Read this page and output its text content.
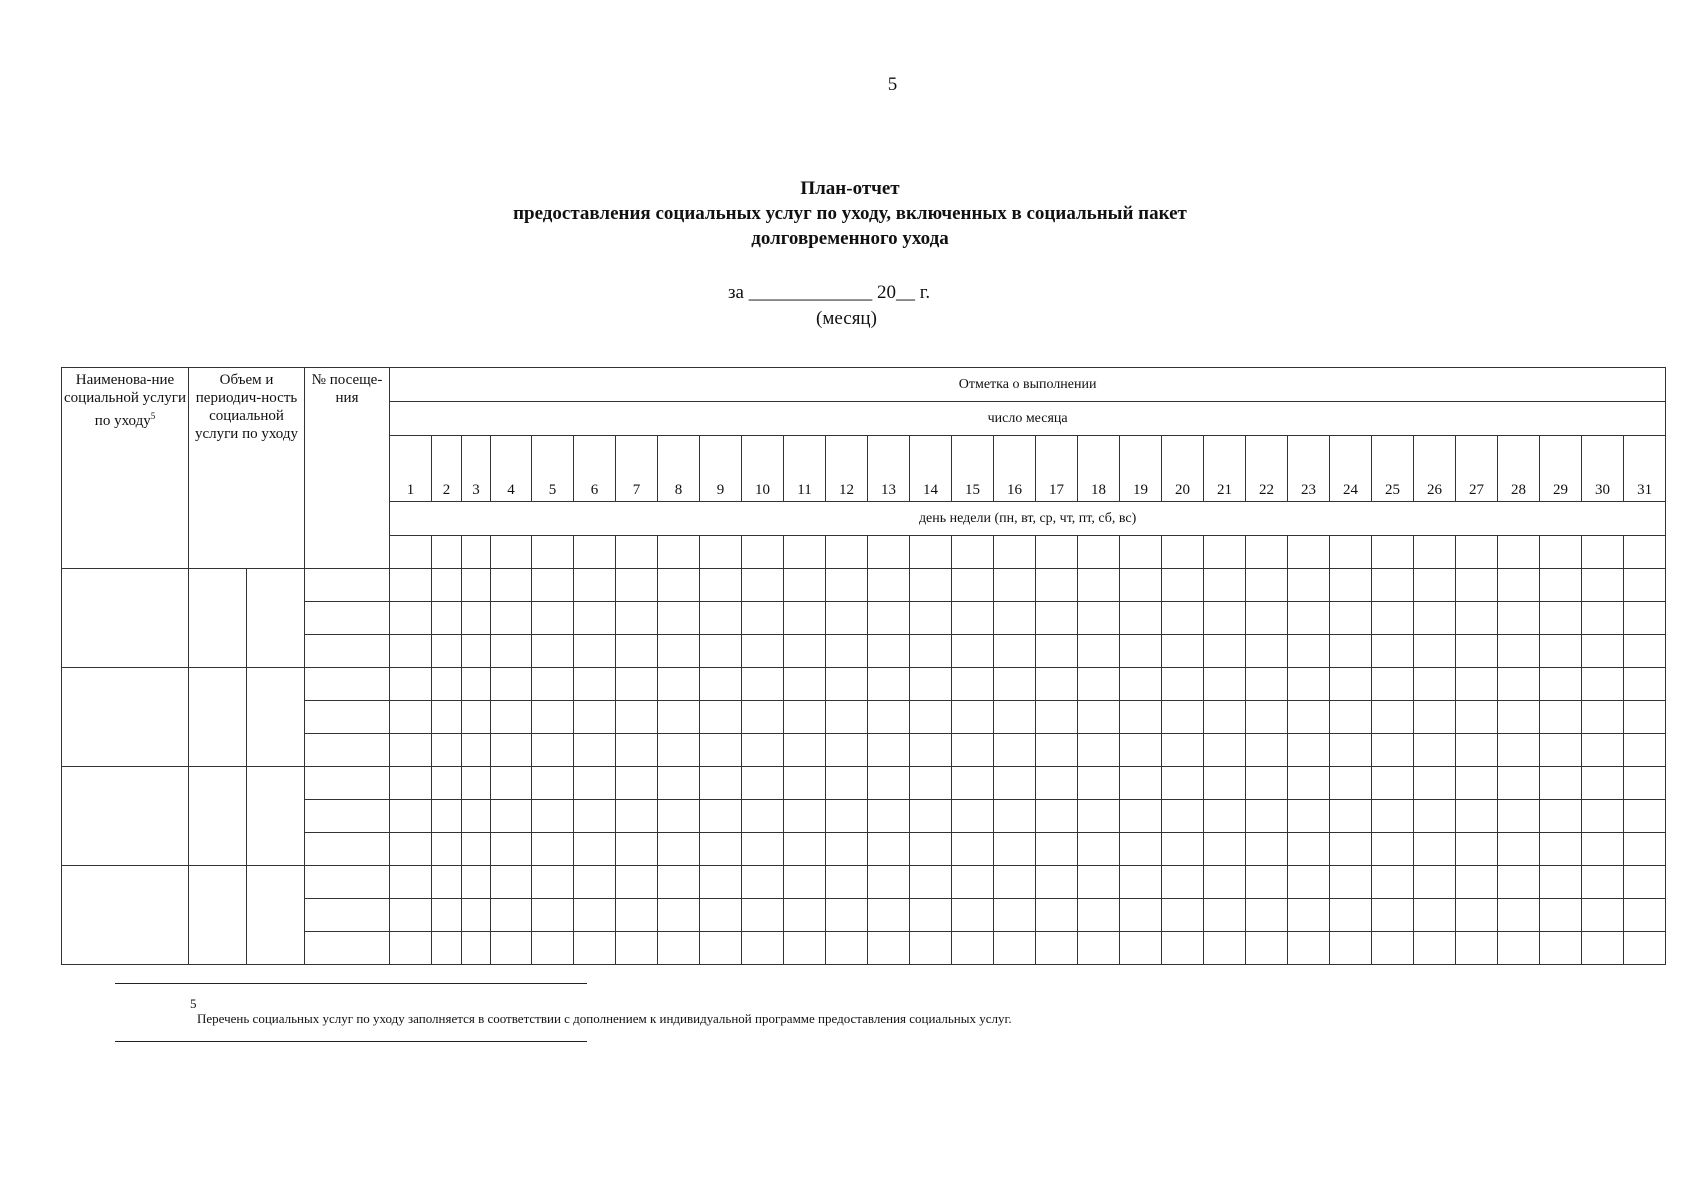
5
План-отчет
предоставления социальных услуг по уходу, включенных в социальный пакет
долговременного ухода
за _____________ 20__ г.
(месяц)
Наименова-ние социальной услуги по уходу$^5$	Объем и периодич-ность социальной услуги по уходу		№ посеще-ния	Отметка о выполнении																														
				число месяца																														
				1	2	3	4	5	6	7	8	9	10	11	12	13	14	15	16	17	18	19	20	21	22	23	24	25	26	27	28	29	30	31
				день недели (пн, вт, ср, чт, пт, сб, вс)																														

5
Перечень социальных услуг по уходу заполняется в соответствии с дополнением к индивидуальной программе предоставления социальных услуг.
